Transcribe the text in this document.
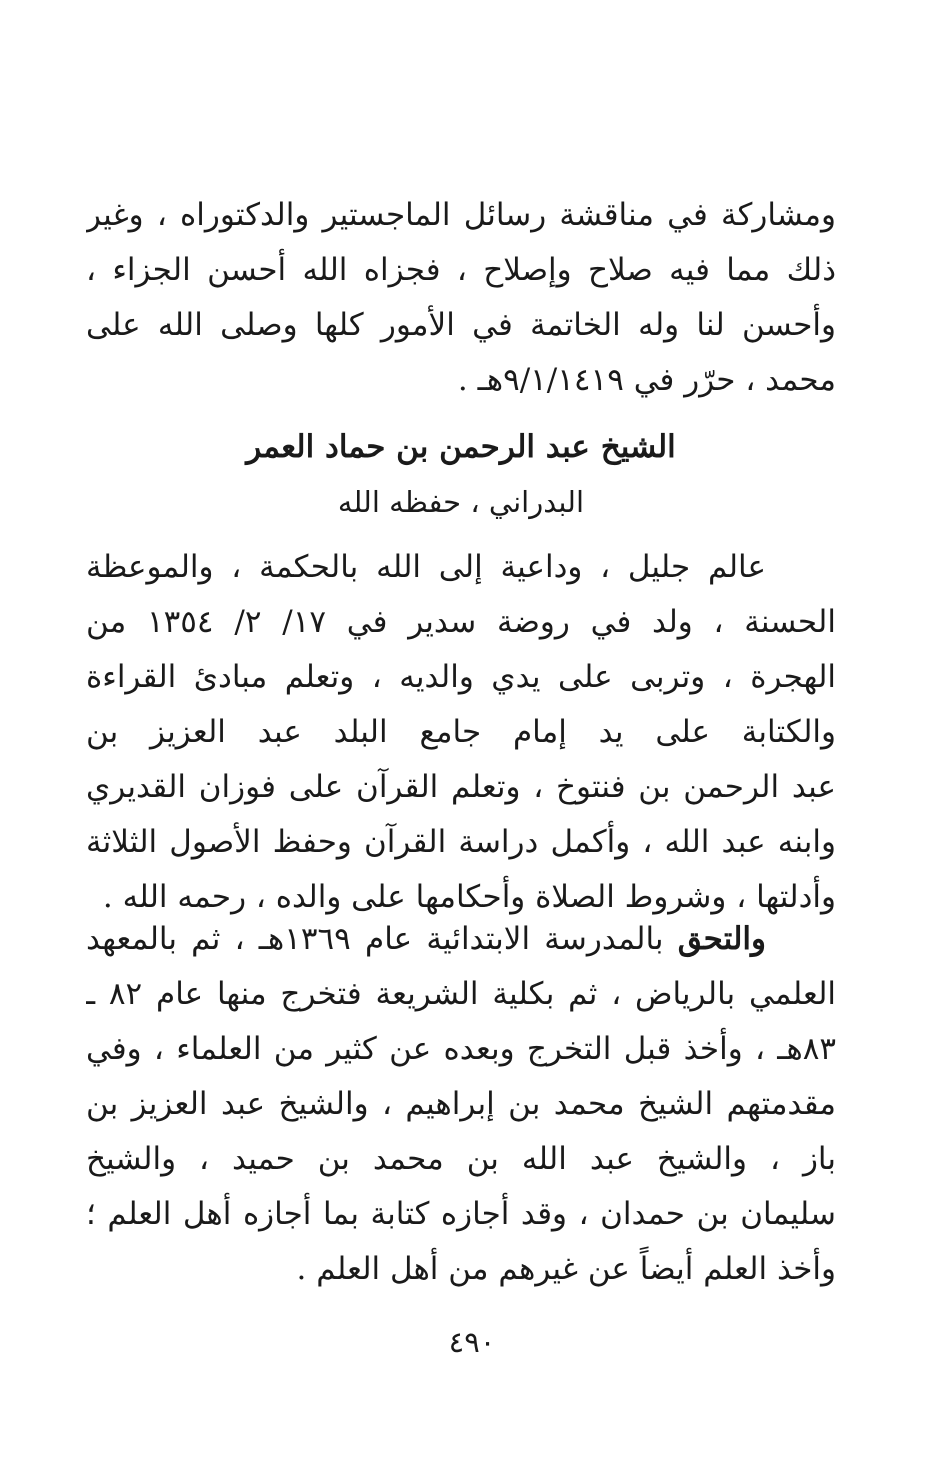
ومشاركة في مناقشة رسائل الماجستير والدكتوراه ، وغير
ذلك مما فيه صلاح وإصلاح ، فجزاه الله أحسن الجزاء ،
وأحسن لنا وله الخاتمة في الأمور كلها وصلى الله على
محمد ، حرّر في ٩/١/١٤١٩هـ .
الشيخ عبد الرحمن بن حماد العمر
البدراني ، حفظه الله
عالم جليل ، وداعية إلى الله بالحكمة ، والموعظة
الحسنة ، ولد في روضة سدير في ١٧/ ٢/ ١٣٥٤ من
الهجرة ، وتربى على يدي والديه ، وتعلم مبادئ القراءة
والكتابة على يد إمام جامع البلد عبد العزيز بن
عبد الرحمن بن فنتوخ ، وتعلم القرآن على فوزان القديري
وابنه عبد الله ، وأكمل دراسة القرآن وحفظ الأصول الثلاثة
وأدلتها ، وشروط الصلاة وأحكامها على والده ، رحمه الله .
والتحق بالمدرسة الابتدائية عام ١٣٦٩هـ ، ثم بالمعهد
العلمي بالرياض ، ثم بكلية الشريعة فتخرج منها عام ٨٢ ـ
٨٣هـ ، وأخذ قبل التخرج وبعده عن كثير من العلماء ، وفي
مقدمتهم الشيخ محمد بن إبراهيم ، والشيخ عبد العزيز بن
باز ، والشيخ عبد الله بن محمد بن حميد ، والشيخ
سليمان بن حمدان ، وقد أجازه كتابة بما أجازه أهل العلم ؛
وأخذ العلم أيضاً عن غيرهم من أهل العلم .
٤٩٠
